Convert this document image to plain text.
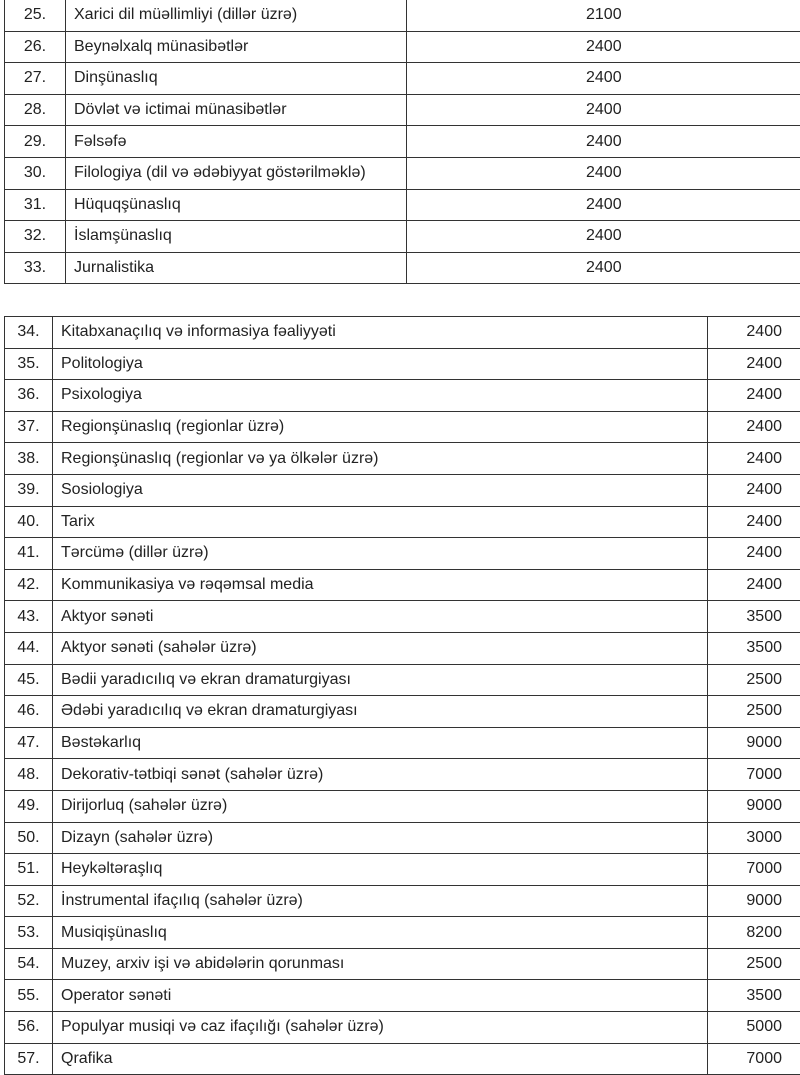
25.	Xarici dil müəllimliyi (dillər üzrə)	2100
26.	Beynəlxalq münasibətlər	2400
27.	Dinşünaslıq	2400
28.	Dövlət və ictimai münasibətlər	2400
29.	Fəlsəfə	2400
30.	Filologiya (dil və ədəbiyyat göstərilməklə)	2400
31.	Hüquqşünaslıq	2400
32.	İslamşünaslıq	2400
33.	Jurnalistika	2400
34.	Kitabxanaçılıq və informasiya fəaliyyəti	2400
35.	Politologiya	2400
36.	Psixologiya	2400
37.	Regionşünaslıq (regionlar üzrə)	2400
38.	Regionşünaslıq (regionlar və ya ölkələr üzrə)	2400
39.	Sosiologiya	2400
40.	Tarix	2400
41.	Tərcümə (dillər üzrə)	2400
42.	Kommunikasiya və rəqəmsal media	2400
43.	Aktyor sənəti	3500
44.	Aktyor sənəti (sahələr üzrə)	3500
45.	Bədii yaradıcılıq və ekran dramaturgiyası	2500
46.	Ədəbi yaradıcılıq və ekran dramaturgiyası	2500
47.	Bəstəkarlıq	9000
48.	Dekorativ-tətbiqi sənət (sahələr üzrə)	7000
49.	Dirijorluq (sahələr üzrə)	9000
50.	Dizayn (sahələr üzrə)	3000
51.	Heykəltəraşlıq	7000
52.	İnstrumental ifaçılıq (sahələr üzrə)	9000
53.	Musiqişünaslıq	8200
54.	Muzey, arxiv işi və abidələrin qorunması	2500
55.	Operator sənəti	3500
56.	Populyar musiqi və caz ifaçılığı (sahələr üzrə)	5000
57.	Qrafika	7000
